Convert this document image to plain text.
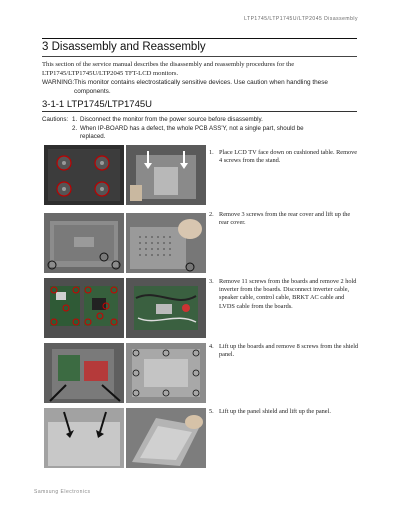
LTP1745/LTP1745U/LTP2045 Disassembly
3 Disassembly and Reassembly
This section of the service manual describes the disassembly and reassembly procedures for the LTP1745/LTP1745U/LTP2045 TFT-LCD monitors.
WARNING:This monitor contains electrostatically sensitive devices. Use caution when handling these
components.
3-1-1 LTP1745/LTP1745U
Cautions: 1. Disconnect the monitor from the power source before disassembly.
2. When IP-BOARD has a defect, the whole PCB ASS'Y, not a single part, should be
replaced.
1. Place LCD TV face down on cushioned table. Remove 4 screws from the stand.
2. Remove 3 screws from the rear cover and lift up the rear cover.
3. Remove 11 screws from the boards and remove 2 hold inverter from the boards. Disconnect inverter cable, speaker cable, control cable, BRKT AC cable and LVDS cable from the boards.
4. Lift up the boards and remove 8 screws from the shield panel.
5. Lift up the panel shield and lift up the panel.
Samsung Electronics
